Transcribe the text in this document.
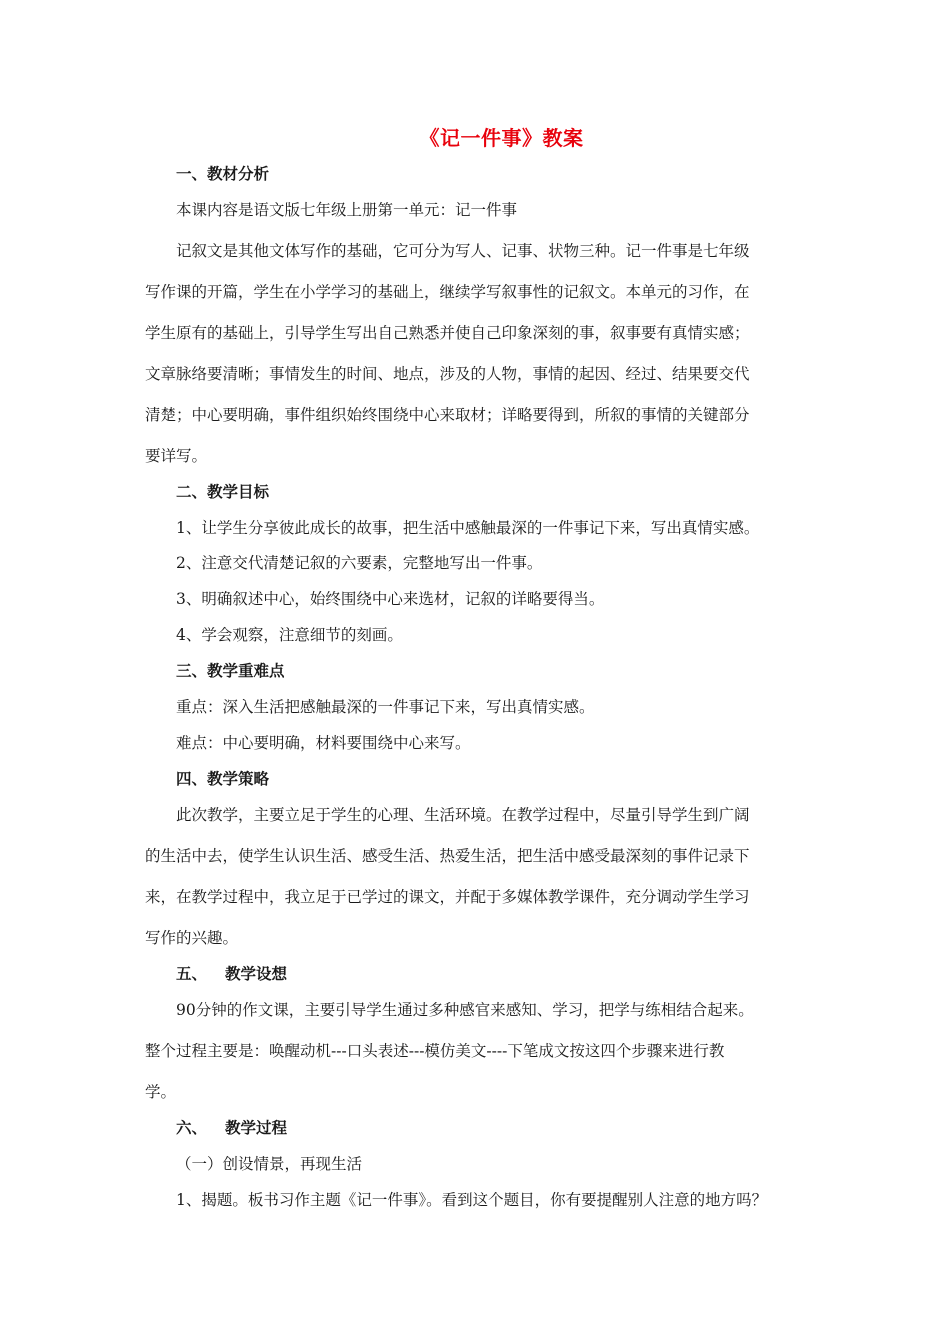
《记一件事》教案
一、教材分析
本课内容是语文版七年级上册第一单元：记一件事
记叙文是其他文体写作的基础，它可分为写人、记事、状物三种。记一件事是七年级
写作课的开篇，学生在小学学习的基础上，继续学写叙事性的记叙文。本单元的习作，在
学生原有的基础上，引导学生写出自己熟悉并使自己印象深刻的事，叙事要有真情实感；
文章脉络要清晰；事情发生的时间、地点，涉及的人物，事情的起因、经过、结果要交代
清楚；中心要明确，事件组织始终围绕中心来取材；详略要得到，所叙的事情的关键部分
要详写。
二、教学目标
1、让学生分享彼此成长的故事，把生活中感触最深的一件事记下来，写出真情实感。
2、注意交代清楚记叙的六要素，完整地写出一件事。
3、明确叙述中心，始终围绕中心来选材，记叙的详略要得当。
4、学会观察，注意细节的刻画。
三、教学重难点
重点：深入生活把感触最深的一件事记下来，写出真情实感。
难点：中心要明确，材料要围绕中心来写。
四、教学策略
此次教学，主要立足于学生的心理、生活环境。在教学过程中，尽量引导学生到广阔
的生活中去，使学生认识生活、感受生活、热爱生活，把生活中感受最深刻的事件记录下
来，在教学过程中，我立足于已学过的课文，并配于多媒体教学课件，充分调动学生学习
写作的兴趣。
五、 教学设想
90分钟的作文课，主要引导学生通过多种感官来感知、学习，把学与练相结合起来。
整个过程主要是：唤醒动机---口头表述---模仿美文----下笔成文按这四个步骤来进行教
学。
六、 教学过程
（一）创设情景，再现生活
1、揭题。板书习作主题《记一件事》。看到这个题目，你有要提醒别人注意的地方吗？
